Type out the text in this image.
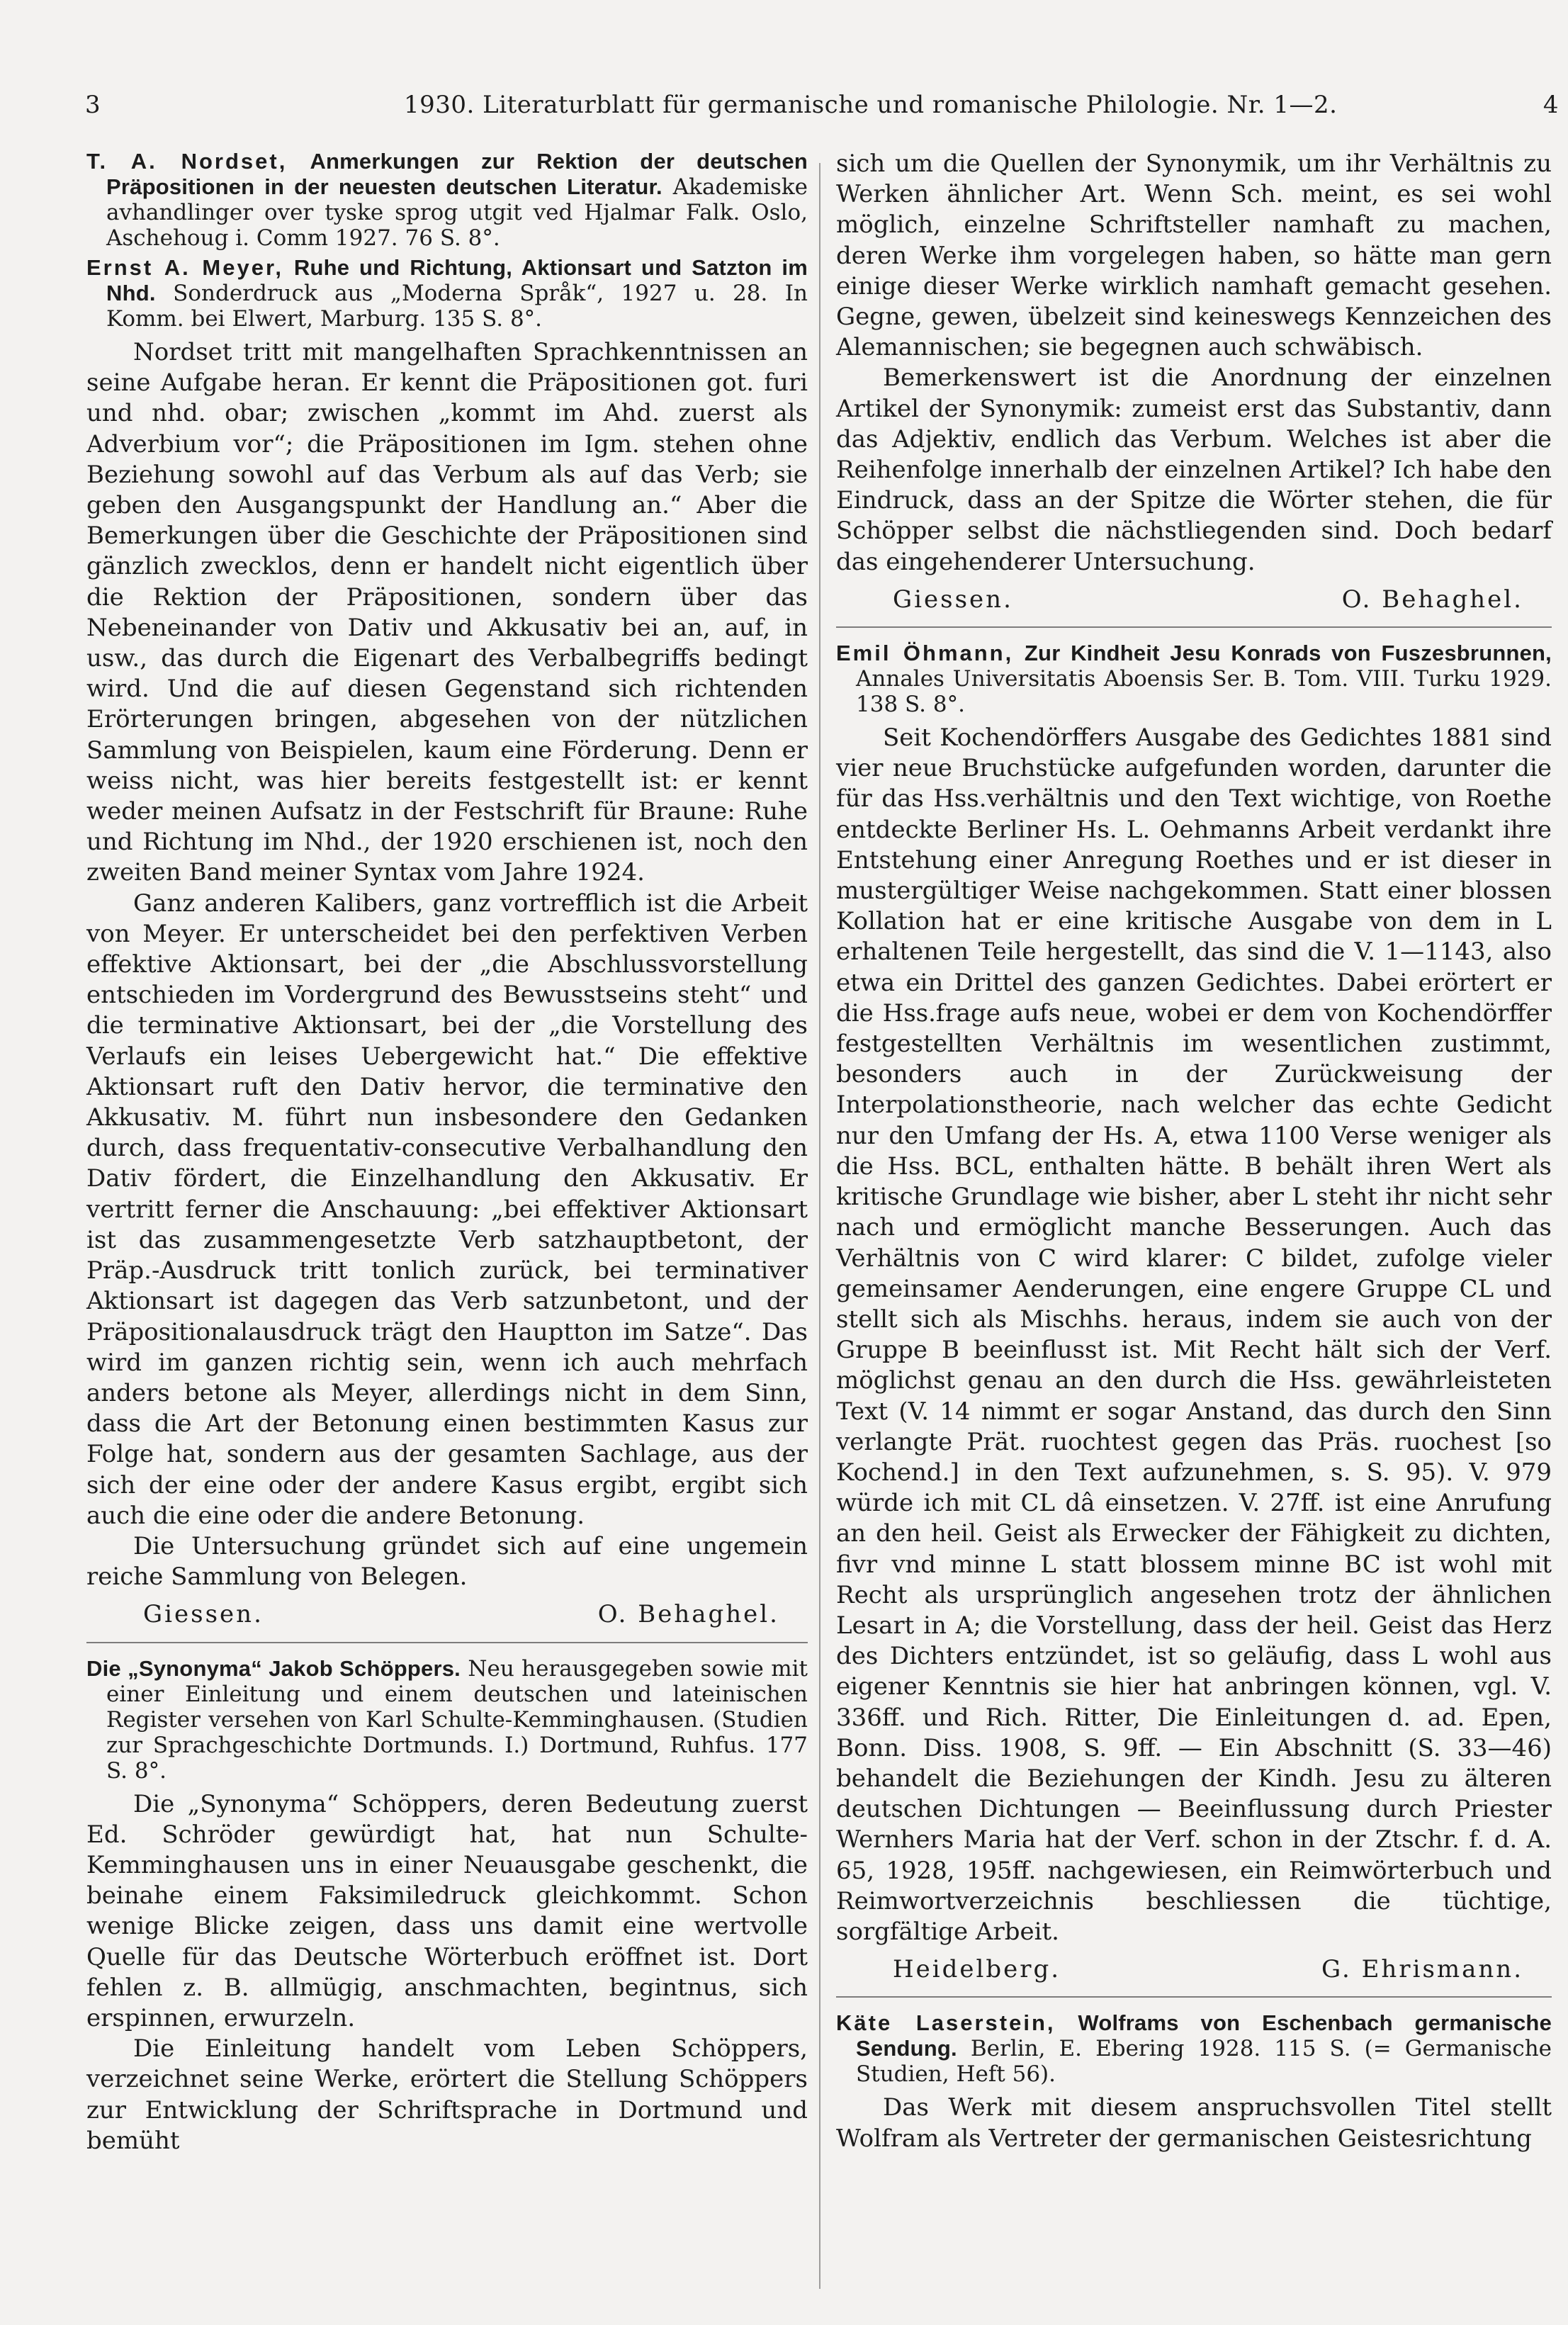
3	1930. Literaturblatt für germanische und romanische Philologie. Nr. 1—2.	4

T. A. Nordset, Anmerkungen zur Rektion der deutschen Präpositionen in der neuesten deutschen Literatur. Akademiske avhandlinger over tyske sprog utgit ved Hjalmar Falk. Oslo, Aschehoug i. Comm 1927. 76 S. 8°.

Ernst A. Meyer, Ruhe und Richtung, Aktionsart und Satzton im Nhd. Sonderdruck aus „Moderna Språk“, 1927 u. 28. In Komm. bei Elwert, Marburg. 135 S. 8°.

Nordset tritt mit mangelhaften Sprachkenntnissen an seine Aufgabe heran. Er kennt die Präpositionen got. furi und nhd. obar; zwischen „kommt im Ahd. zuerst als Adverbium vor“; die Präpositionen im Igm. stehen ohne Beziehung sowohl auf das Verbum als auf das Verb; sie geben den Ausgangspunkt der Handlung an.“ Aber die Bemerkungen über die Geschichte der Präpositionen sind gänzlich zwecklos, denn er handelt nicht eigentlich über die Rektion der Präpositionen, sondern über das Nebeneinander von Dativ und Akkusativ bei an, auf, in usw., das durch die Eigenart des Verbalbegriffs bedingt wird. Und die auf diesen Gegenstand sich richtenden Erörterungen bringen, abgesehen von der nützlichen Sammlung von Beispielen, kaum eine Förderung. Denn er weiss nicht, was hier bereits festgestellt ist: er kennt weder meinen Aufsatz in der Festschrift für Braune: Ruhe und Richtung im Nhd., der 1920 erschienen ist, noch den zweiten Band meiner Syntax vom Jahre 1924.

Ganz anderen Kalibers, ganz vortrefflich ist die Arbeit von Meyer. Er unterscheidet bei den perfektiven Verben effektive Aktionsart, bei der „die Abschlussvorstellung entschieden im Vordergrund des Bewusstseins steht“ und die terminative Aktionsart, bei der „die Vorstellung des Verlaufs ein leises Uebergewicht hat.“ Die effektive Aktionsart ruft den Dativ hervor, die terminative den Akkusativ. M. führt nun insbesondere den Gedanken durch, dass frequentativ-consecutive Verbalhandlung den Dativ fördert, die Einzelhandlung den Akkusativ. Er vertritt ferner die Anschauung: „bei effektiver Aktionsart ist das zusammengesetzte Verb satzhauptbetont, der Präp.-Ausdruck tritt tonlich zurück, bei terminativer Aktionsart ist dagegen das Verb satzunbetont, und der Präpositionalausdruck trägt den Hauptton im Satze“. Das wird im ganzen richtig sein, wenn ich auch mehrfach anders betone als Meyer, allerdings nicht in dem Sinn, dass die Art der Betonung einen bestimmten Kasus zur Folge hat, sondern aus der gesamten Sachlage, aus der sich der eine oder der andere Kasus ergibt, ergibt sich auch die eine oder die andere Betonung.

Die Untersuchung gründet sich auf eine ungemein reiche Sammlung von Belegen.

Giessen.	O. Behaghel.

Die „Synonyma“ Jakob Schöppers. Neu herausgegeben sowie mit einer Einleitung und einem deutschen und lateinischen Register versehen von Karl Schulte-Kemminghausen. (Studien zur Sprachgeschichte Dortmunds. I.) Dortmund, Ruhfus. 177 S. 8°.

Die „Synonyma“ Schöppers, deren Bedeutung zuerst Ed. Schröder gewürdigt hat, hat nun Schulte-Kemminghausen uns in einer Neuausgabe geschenkt, die beinahe einem Faksimiledruck gleichkommt. Schon wenige Blicke zeigen, dass uns damit eine wertvolle Quelle für das Deutsche Wörterbuch eröffnet ist. Dort fehlen z. B. allmügig, anschmachten, begintnus, sich erspinnen, erwurzeln.

Die Einleitung handelt vom Leben Schöppers, verzeichnet seine Werke, erörtert die Stellung Schöppers zur Entwicklung der Schriftsprache in Dortmund und bemüht

sich um die Quellen der Synonymik, um ihr Verhältnis zu Werken ähnlicher Art. Wenn Sch. meint, es sei wohl möglich, einzelne Schriftsteller namhaft zu machen, deren Werke ihm vorgelegen haben, so hätte man gern einige dieser Werke wirklich namhaft gemacht gesehen. Gegne, gewen, übelzeit sind keineswegs Kennzeichen des Alemannischen; sie begegnen auch schwäbisch.

Bemerkenswert ist die Anordnung der einzelnen Artikel der Synonymik: zumeist erst das Substantiv, dann das Adjektiv, endlich das Verbum. Welches ist aber die Reihenfolge innerhalb der einzelnen Artikel? Ich habe den Eindruck, dass an der Spitze die Wörter stehen, die für Schöpper selbst die nächstliegenden sind. Doch bedarf das eingehenderer Untersuchung.

Giessen.	O. Behaghel.

Emil Öhmann, Zur Kindheit Jesu Konrads von Fuszesbrunnen, Annales Universitatis Aboensis Ser. B. Tom. VIII. Turku 1929. 138 S. 8°.

Seit Kochendörffers Ausgabe des Gedichtes 1881 sind vier neue Bruchstücke aufgefunden worden, darunter die für das Hss.verhältnis und den Text wichtige, von Roethe entdeckte Berliner Hs. L. Oehmanns Arbeit verdankt ihre Entstehung einer Anregung Roethes und er ist dieser in mustergültiger Weise nachgekommen. Statt einer blossen Kollation hat er eine kritische Ausgabe von dem in L erhaltenen Teile hergestellt, das sind die V. 1—1143, also etwa ein Drittel des ganzen Gedichtes. Dabei erörtert er die Hss.frage aufs neue, wobei er dem von Kochendörffer festgestellten Verhältnis im wesentlichen zustimmt, besonders auch in der Zurückweisung der Interpolationstheorie, nach welcher das echte Gedicht nur den Umfang der Hs. A, etwa 1100 Verse weniger als die Hss. BCL, enthalten hätte. B behält ihren Wert als kritische Grundlage wie bisher, aber L steht ihr nicht sehr nach und ermöglicht manche Besserungen. Auch das Verhältnis von C wird klarer: C bildet, zufolge vieler gemeinsamer Aenderungen, eine engere Gruppe CL und stellt sich als Mischhs. heraus, indem sie auch von der Gruppe B beeinflusst ist. Mit Recht hält sich der Verf. möglichst genau an den durch die Hss. gewährleisteten Text (V. 14 nimmt er sogar Anstand, das durch den Sinn verlangte Prät. ruochtest gegen das Präs. ruochest [so Kochend.] in den Text aufzunehmen, s. S. 95). V. 979 würde ich mit CL dâ einsetzen. V. 27ff. ist eine Anrufung an den heil. Geist als Erwecker der Fähigkeit zu dichten, fivr vnd minne L statt blossem minne BC ist wohl mit Recht als ursprünglich angesehen trotz der ähnlichen Lesart in A; die Vorstellung, dass der heil. Geist das Herz des Dichters entzündet, ist so geläufig, dass L wohl aus eigener Kenntnis sie hier hat anbringen können, vgl. V. 336ff. und Rich. Ritter, Die Einleitungen d. ad. Epen, Bonn. Diss. 1908, S. 9ff. — Ein Abschnitt (S. 33—46) behandelt die Beziehungen der Kindh. Jesu zu älteren deutschen Dichtungen — Beeinflussung durch Priester Wernhers Maria hat der Verf. schon in der Ztschr. f. d. A. 65, 1928, 195ff. nachgewiesen, ein Reimwörterbuch und Reimwortverzeichnis beschliessen die tüchtige, sorgfältige Arbeit.

Heidelberg.	G. Ehrismann.

Käte Laserstein, Wolframs von Eschenbach germanische Sendung. Berlin, E. Ebering 1928. 115 S. (= Germanische Studien, Heft 56).

Das Werk mit diesem anspruchsvollen Titel stellt Wolfram als Vertreter der germanischen Geistesrichtung
